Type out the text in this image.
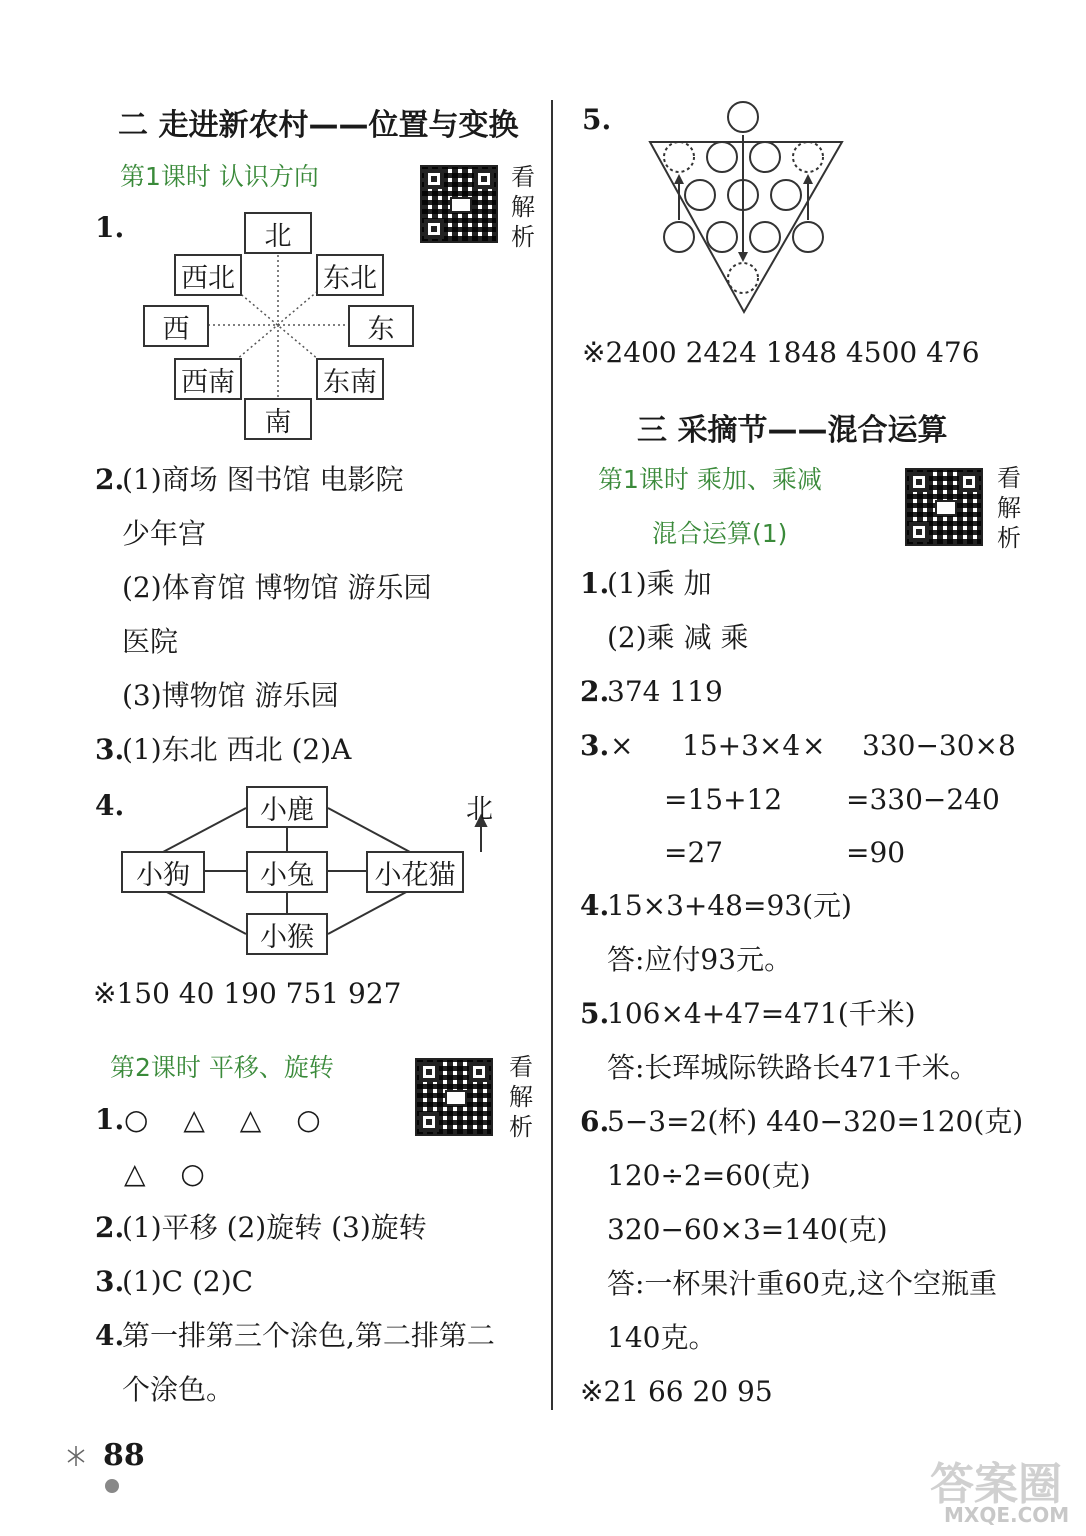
二 走进新农村——位置与变换
第1课时 认识方向	看
解
析
1.	北
西北	东北
西	东
西南	东南
南
2.
(1)商场 图书馆 电影院
少年宫
(2)体育馆 博物馆 游乐园
医院
(3)博物馆 游乐园
3.
(1)东北 西北 (2)A
4.	北
小鹿
小狗	小兔	小花猫
小猴
※150 40 190 751 927
第2课时 平移、旋转	看
解
析
1. ○ △ △ ○
△ ○
2.
(1)平移 (2)旋转 (3)旋转
3.
(1)C (2)C
4.
第一排第三个涂色,第二排第二
个涂色。
5.
※2400 2424 1848 4500 476
三 采摘节——混合运算
第1课时 乘加、乘减
混合运算(1)
看
解
析
1.
(1)乘 加
(2)乘 减 乘
2.
374 119
3. × 15+3×4
=15+12
=27
× 330−30×8
=330−240
=90
4.
15×3+48=93(元)
答:应付93元。
5.
106×4+47=471(千米)
答:长珲城际铁路长471千米。
6.
5−3=2(杯) 440−320=120(克)
120÷2=60(克)
320−60×3=140(克)
答:一杯果汁重60克,这个空瓶重
140克。
※21 66 20 95
88
答案圈
MXQE.COM
